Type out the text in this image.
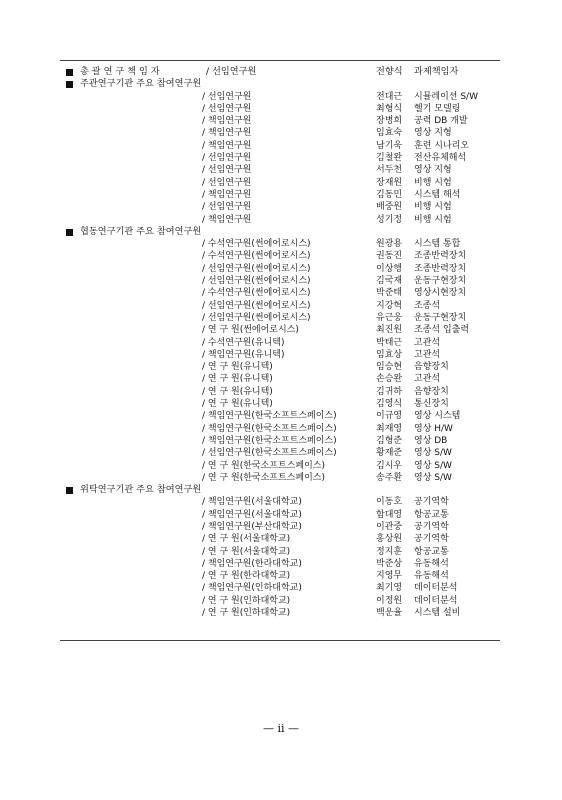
총 괄 연 구 책 임 자	/ 선임연구원	전향식 과제책임자
주관연구기관 주요 참여연구원
/ 선임연구원	전대근 시뮬레이션 S/W
/ 선임연구원	최형식 헬기 모델링
/ 책임연구원	장병희 공력 DB 개발
/ 책임연구원	임효숙 영상 지형
/ 책임연구원	남기욱 훈련 시나리오
/ 선임연구원	김철완 전산유체해석
/ 선임연구원	서두천 영상 지형
/ 선임연구원	장재원 비행 시험
/ 책임연구원	김동민 시스템 해석
/ 선임연구원	배중원 비행 시험
/ 책임연구원	성기정 비행 시험
협동연구기관 주요 참여연구원
/ 수석연구원(썬에어로시스)	원광용 시스템 통합
/ 수석연구원(썬에어로시스)	권동진 조종반력장치
/ 선임연구원(썬에어로시스)	이상행 조종반력장치
/ 선임연구원(썬에어로시스)	김국재 운동구현장치
/ 수석연구원(썬에어로시스)	박준태 영상시현장치
/ 선임연구원(썬에어로시스)	지강혁 조종석
/ 선임연구원(썬에어로시스)	유근웅 운동구현장치
/ 연 구 원(썬에어로시스)	최진원 조종석 입출력
/ 수석연구원(유니텍)	박태근 고관석
/ 책임연구원(유니텍)	임효상 고관석
/ 연 구 원(유니텍)	임승현 음향장치
/ 연 구 원(유니텍)	손승완 고관석
/ 연 구 원(유니텍)	김귀하 음향장치
/ 연 구 원(유니텍)	김영식 통신장치
/ 책임연구원(한국소프트스페이스)	이규영 영상 시스템
/ 책임연구원(한국소프트스페이스)	최재영 영상 H/W
/ 책임연구원(한국소프트스페이스)	김형준 영상 DB
/ 선임연구원(한국소프트스페이스)	황재준 영상 S/W
/ 연 구 원(한국소프트스페이스)	김시우 영상 S/W
/ 연 구 원(한국소프트스페이스)	송주환 영상 S/W
위탁연구기관 주요 참여연구원
/ 책임연구원(서울대학교)	이동호 공기역학
/ 책임연구원(서울대학교)	함대영 항공교통
/ 책임연구원(부산대학교)	이관중 공기역학
/ 연 구 원(서울대학교)	홍상원 공기역학
/ 연 구 원(서울대학교)	정지훈 항공교통
/ 책임연구원(한라대학교)	박준상 유동해석
/ 연 구 원(한라대학교)	지영무 유동해석
/ 책임연구원(인하대학교)	최기영 데이터분석
/ 연 구 원(인하대학교)	이정원 데이터분석
/ 연 구 원(인하대학교)	백운율 시스템 설비
— ii —
